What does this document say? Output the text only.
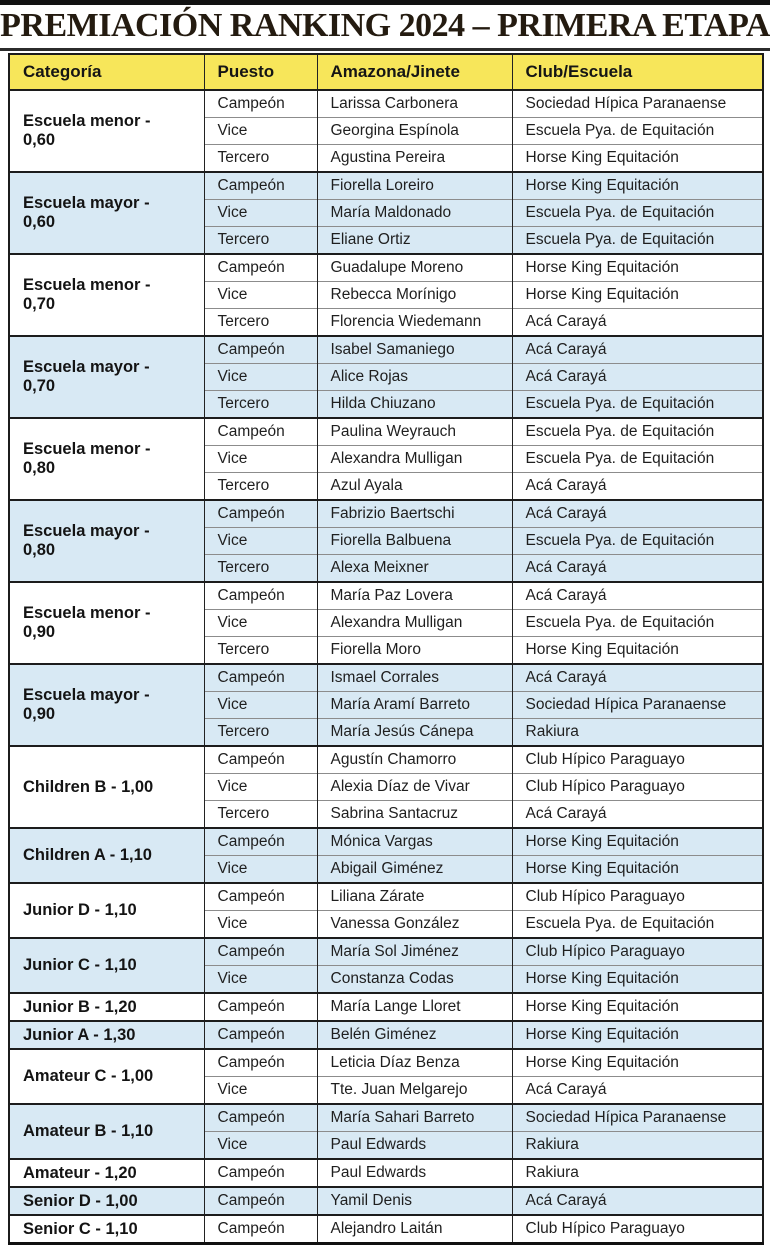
PREMIACIÓN RANKING 2024 – PRIMERA ETAPA
Categoría	Puesto	Amazona/Jinete	Club/Escuela
Escuela menor - 0,60	Campeón	Larissa Carbonera	Sociedad Hípica Paranaense
	Vice	Georgina Espínola	Escuela Pya. de Equitación
	Tercero	Agustina Pereira	Horse King Equitación
Escuela mayor - 0,60	Campeón	Fiorella Loreiro	Horse King Equitación
	Vice	María Maldonado	Escuela Pya. de Equitación
	Tercero	Eliane Ortiz	Escuela Pya. de Equitación
Escuela menor - 0,70	Campeón	Guadalupe Moreno	Horse King Equitación
	Vice	Rebecca Morínigo	Horse King Equitación
	Tercero	Florencia Wiedemann	Acá Carayá
Escuela mayor - 0,70	Campeón	Isabel Samaniego	Acá Carayá
	Vice	Alice Rojas	Acá Carayá
	Tercero	Hilda Chiuzano	Escuela Pya. de Equitación
Escuela menor - 0,80	Campeón	Paulina Weyrauch	Escuela Pya. de Equitación
	Vice	Alexandra Mulligan	Escuela Pya. de Equitación
	Tercero	Azul Ayala	Acá Carayá
Escuela mayor - 0,80	Campeón	Fabrizio Baertschi	Acá Carayá
	Vice	Fiorella Balbuena	Escuela Pya. de Equitación
	Tercero	Alexa Meixner	Acá Carayá
Escuela menor - 0,90	Campeón	María Paz Lovera	Acá Carayá
	Vice	Alexandra Mulligan	Escuela Pya. de Equitación
	Tercero	Fiorella Moro	Horse King Equitación
Escuela mayor - 0,90	Campeón	Ismael Corrales	Acá Carayá
	Vice	María Aramí Barreto	Sociedad Hípica Paranaense
	Tercero	María Jesús Cánepa	Rakiura
Children B - 1,00	Campeón	Agustín Chamorro	Club Hípico Paraguayo
	Vice	Alexia Díaz de Vivar	Club Hípico Paraguayo
	Tercero	Sabrina Santacruz	Acá Carayá
Children A - 1,10	Campeón	Mónica Vargas	Horse King Equitación
	Vice	Abigail Giménez	Horse King Equitación
Junior D - 1,10	Campeón	Liliana Zárate	Club Hípico Paraguayo
	Vice	Vanessa González	Escuela Pya. de Equitación
Junior C - 1,10	Campeón	María Sol Jiménez	Club Hípico Paraguayo
	Vice	Constanza Codas	Horse King Equitación
Junior B - 1,20	Campeón	María Lange Lloret	Horse King Equitación
Junior A - 1,30	Campeón	Belén Giménez	Horse King Equitación
Amateur C - 1,00	Campeón	Leticia Díaz Benza	Horse King Equitación
	Vice	Tte. Juan Melgarejo	Acá Carayá
Amateur B - 1,10	Campeón	María Sahari Barreto	Sociedad Hípica Paranaense
	Vice	Paul Edwards	Rakiura
Amateur - 1,20	Campeón	Paul Edwards	Rakiura
Senior D - 1,00	Campeón	Yamil Denis	Acá Carayá
Senior C - 1,10	Campeón	Alejandro Laitán	Club Hípico Paraguayo
